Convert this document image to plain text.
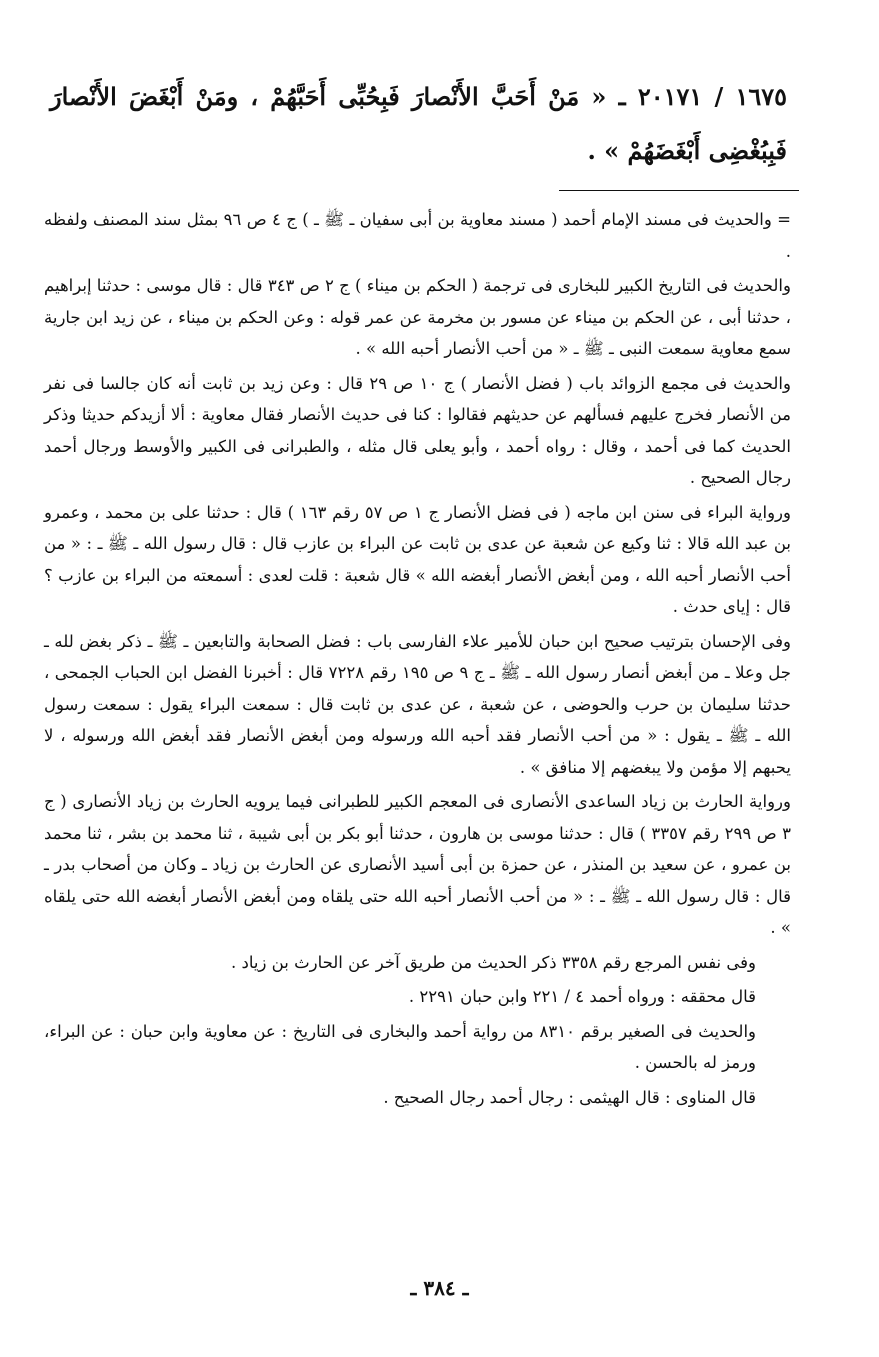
١٦٧٥ / ٢٠١٧١ ـ « مَنْ أَحَبَّ الأَنْصارَ فَبِحُبِّى أَحَبَّهُمْ ، ومَنْ أَبْغَضَ الأَنْصارَ فَبِبُغْضِى أَبْغَضَهُمْ » .

= والحديث فى مسند الإمام أحمد ( مسند معاوية بن أبى سفيان ـ ﷺ ـ ) ج ٤ ص ٩٦ بمثل سند المصنف ولفظه .

والحديث فى التاريخ الكبير للبخارى فى ترجمة ( الحكم بن ميناء ) ج ٢ ص ٣٤٣ قال : قال موسى : حدثنا إبراهيم ، حدثنا أبى ، عن الحكم بن ميناء عن مسور بن مخرمة عن عمر قوله : وعن الحكم بن ميناء ، عن زيد ابن جارية سمع معاوية سمعت النبى ـ ﷺ ـ « من أحب الأنصار أحبه الله » .

والحديث فى مجمع الزوائد باب ( فضل الأنصار ) ج ١٠ ص ٢٩ قال : وعن زيد بن ثابت أنه كان جالسا فى نفر من الأنصار فخرج عليهم فسألهم عن حديثهم فقالوا : كنا فى حديث الأنصار فقال معاوية : ألا أزيدكم حديثا وذكر الحديث كما فى أحمد ، وقال : رواه أحمد ، وأبو يعلى قال مثله ، والطبرانى فى الكبير والأوسط ورجال أحمد رجال الصحيح .

ورواية البراء فى سنن ابن ماجه ( فى فضل الأنصار ج ١ ص ٥٧ رقم ١٦٣ ) قال : حدثنا على بن محمد ، وعمرو بن عبد الله قالا : ثنا وكيع عن شعبة عن عدى بن ثابت عن البراء بن عازب قال : قال رسول الله ـ ﷺ ـ : « من أحب الأنصار أحبه الله ، ومن أبغض الأنصار أبغضه الله » قال شعبة : قلت لعدى : أسمعته من البراء بن عازب ؟ قال : إياى حدث .

وفى الإحسان بترتيب صحيح ابن حبان للأمير علاء الفارسى باب : فضل الصحابة والتابعين ـ ﷺ ـ ذكر بغض لله ـ جل وعلا ـ من أبغض أنصار رسول الله ـ ﷺ ـ ج ٩ ص ١٩٥ رقم ٧٢٢٨ قال : أخبرنا الفضل ابن الحباب الجمحى ، حدثنا سليمان بن حرب والحوضى ، عن شعبة ، عن عدى بن ثابت قال : سمعت البراء يقول : سمعت رسول الله ـ ﷺ ـ يقول : « من أحب الأنصار فقد أحبه الله ورسوله ومن أبغض الأنصار فقد أبغض الله ورسوله ، لا يحبهم إلا مؤمن ولا يبغضهم إلا منافق » .

ورواية الحارث بن زياد الساعدى الأنصارى فى المعجم الكبير للطبرانى فيما يرويه الحارث بن زياد الأنصارى ( ج ٣ ص ٢٩٩ رقم ٣٣٥٧ ) قال : حدثنا موسى بن هارون ، حدثنا أبو بكر بن أبى شيبة ، ثنا محمد بن بشر ، ثنا محمد بن عمرو ، عن سعيد بن المنذر ، عن حمزة بن أبى أسيد الأنصارى عن الحارث بن زياد ـ وكان من أصحاب بدر ـ قال : قال رسول الله ـ ﷺ ـ : « من أحب الأنصار أحبه الله حتى يلقاه ومن أبغض الأنصار أبغضه الله حتى يلقاه » .

وفى نفس المرجع رقم ٣٣٥٨ ذكر الحديث من طريق آخر عن الحارث بن زياد .

قال محققه : ورواه أحمد ٤ / ٢٢١ وابن حبان ٢٢٩١ .

والحديث فى الصغير برقم ٨٣١٠ من رواية أحمد والبخارى فى التاريخ : عن معاوية وابن حبان : عن البراء، ورمز له بالحسن .

قال المناوى : قال الهيثمى : رجال أحمد رجال الصحيح .

ـ ٣٨٤ ـ
